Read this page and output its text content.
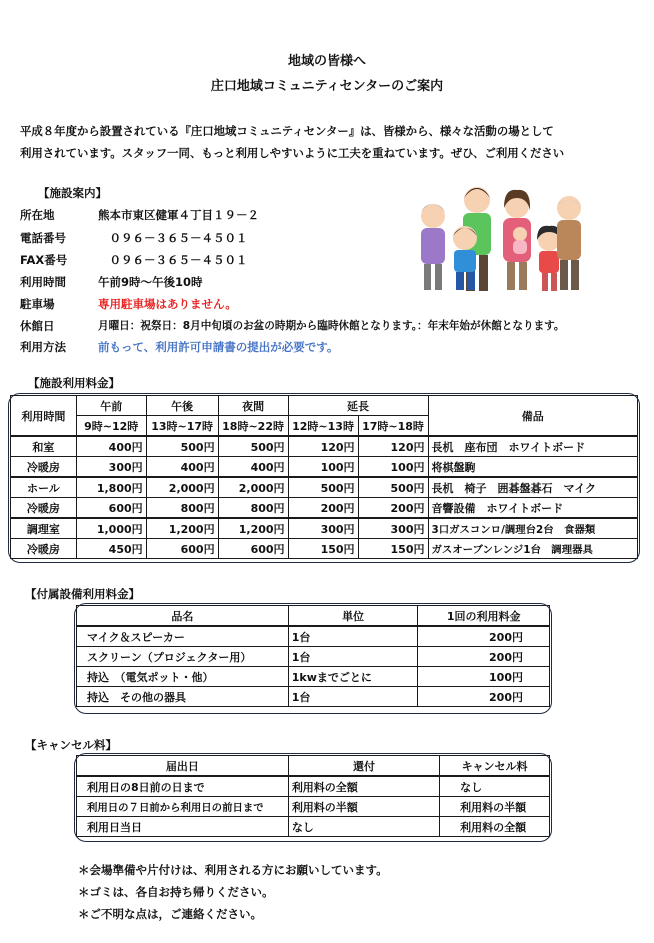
地域の皆様へ
庄口地域コミュニティセンターのご案内
平成８年度から設置されている『庄口地域コミュニティセンター』は、皆様から、様々な活動の場として
利用されています。スタッフ一同、もっと利用しやすいように工夫を重ねています。ぜひ、ご利用ください
【施設案内】
所在地	熊本市東区健軍４丁目１９－２
電話番号	　０９６－３６５－４５０１
FAX番号	　０９６－３６５－４５０１
利用時間	午前9時～午後10時
駐車場	専用駐車場はありません。
休館日	月曜日：祝祭日：8月中旬頃のお盆の時期から臨時休館となります。：年末年始が休館となります。
利用方法	前もって、利用許可申請書の提出が必要です。
【施設利用料金】
利用時間	午前	午後	夜間	延長		備品
	9時~12時	13時~17時	18時~22時	12時~13時	17時~18時	
和室	400円	500円	500円	120円	120円	長机　座布団　ホワイトボード
冷暖房	300円	400円	400円	100円	100円	将棋盤駒
ホール	1,800円	2,000円	2,000円	500円	500円	長机　椅子　囲碁盤碁石　マイク
冷暖房	600円	800円	800円	200円	200円	音響設備　ホワイトボード
調理室	1,000円	1,200円	1,200円	300円	300円	3口ガスコンロ/調理台2台　食器類
冷暖房	450円	600円	600円	150円	150円	ガスオーブンレンジ1台　調理器具
【付属設備利用料金】
品名	単位	1回の利用料金
マイク＆スピーカー	1台	200円
スクリーン（プロジェクター用）	1台	200円
持込　（電気ポット・他）	1kwまでごとに	100円
持込　その他の器具	1台	200円
【キャンセル料】
届出日	還付	キャンセル料
利用日の8日前の日まで	利用料の全額	なし
利用日の７日前から利用日の前日まで	利用料の半額	利用料の半額
利用日当日	なし	利用料の全額
＊会場準備や片付けは、利用される方にお願いしています。
＊ゴミは、各自お持ち帰りください。
＊ご不明な点は，ご連絡ください。
